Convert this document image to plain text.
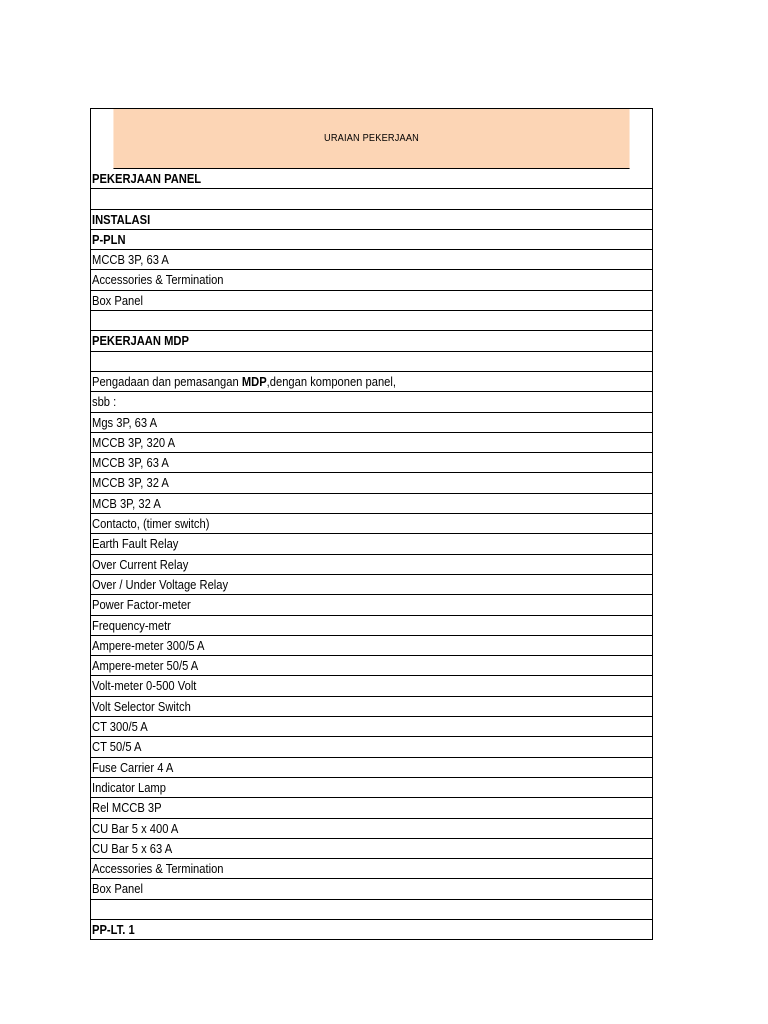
URAIAN PEKERJAAN
PEKERJAAN PANEL
INSTALASI
P-PLN
MCCB 3P, 63 A
Accessories & Termination
Box Panel
PEKERJAAN MDP
Pengadaan dan pemasangan MDP,dengan komponen panel,
sbb :
Mgs 3P, 63 A
MCCB 3P, 320 A
MCCB 3P, 63 A
MCCB 3P, 32 A
MCB 3P, 32 A
Contacto, (timer switch)
Earth Fault Relay
Over Current Relay
Over / Under Voltage Relay
Power Factor-meter
Frequency-metr
Ampere-meter 300/5 A
Ampere-meter 50/5 A
Volt-meter 0-500 Volt
Volt Selector Switch
CT 300/5 A
CT 50/5 A
Fuse Carrier 4 A
Indicator Lamp
Rel MCCB 3P
CU Bar 5 x 400 A
CU Bar 5 x 63 A
Accessories & Termination
Box Panel
PP-LT. 1
